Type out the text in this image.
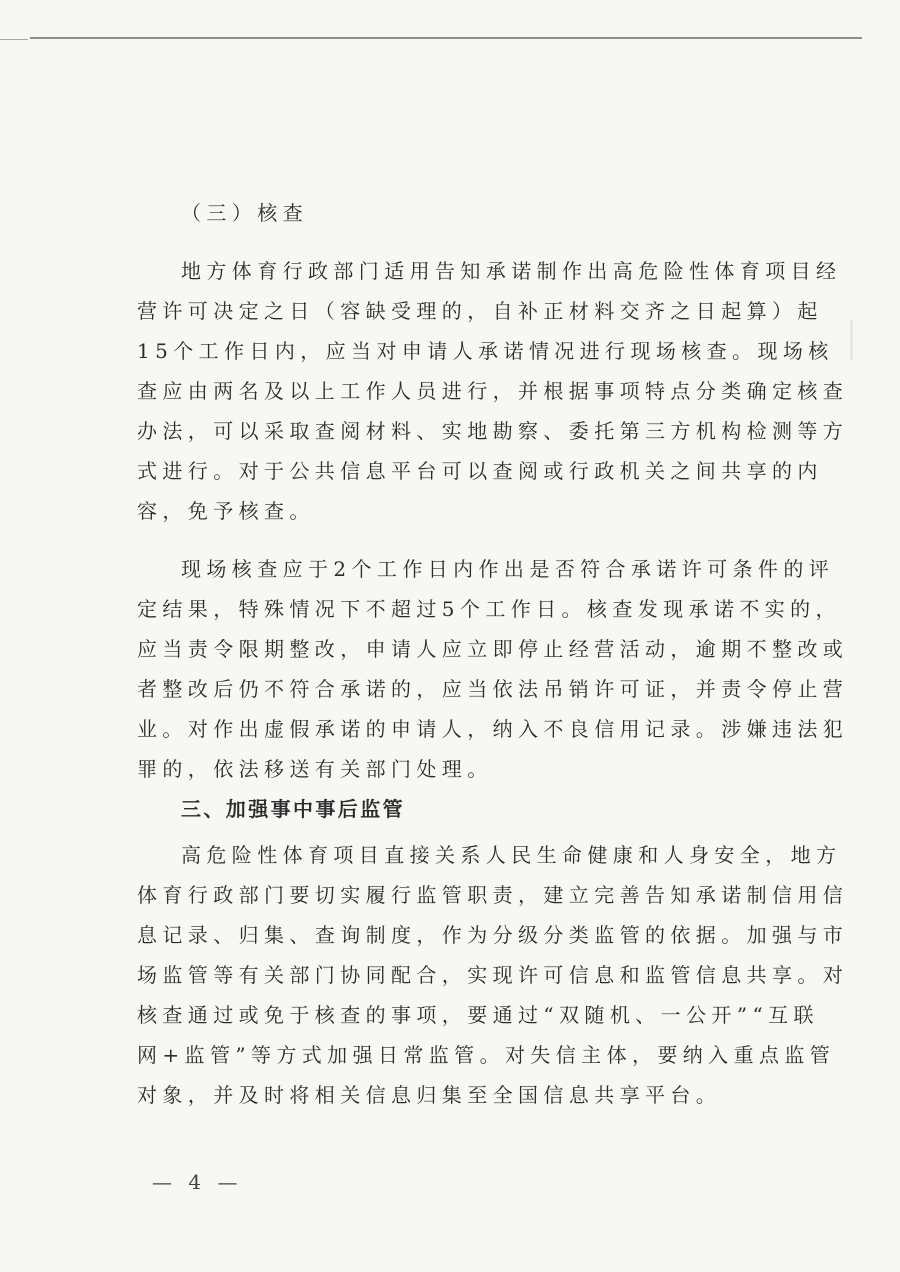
（三）核查
地方体育行政部门适用告知承诺制作出高危险性体育项目经
营许可决定之日（容缺受理的，自补正材料交齐之日起算）起
15个工作日内，应当对申请人承诺情况进行现场核查。现场核
查应由两名及以上工作人员进行，并根据事项特点分类确定核查
办法，可以采取查阅材料、实地勘察、委托第三方机构检测等方
式进行。对于公共信息平台可以查阅或行政机关之间共享的内
容，免予核查。
现场核查应于2个工作日内作出是否符合承诺许可条件的评
定结果，特殊情况下不超过5个工作日。核查发现承诺不实的，
应当责令限期整改，申请人应立即停止经营活动，逾期不整改或
者整改后仍不符合承诺的，应当依法吊销许可证，并责令停止营
业。对作出虚假承诺的申请人，纳入不良信用记录。涉嫌违法犯
罪的，依法移送有关部门处理。
三、加强事中事后监管
高危险性体育项目直接关系人民生命健康和人身安全，地方
体育行政部门要切实履行监管职责，建立完善告知承诺制信用信
息记录、归集、查询制度，作为分级分类监管的依据。加强与市
场监管等有关部门协同配合，实现许可信息和监管信息共享。对
核查通过或免于核查的事项，要通过“双随机、一公开”“互联
网+监管”等方式加强日常监管。对失信主体，要纳入重点监管
对象，并及时将相关信息归集至全国信息共享平台。
— 4 —
